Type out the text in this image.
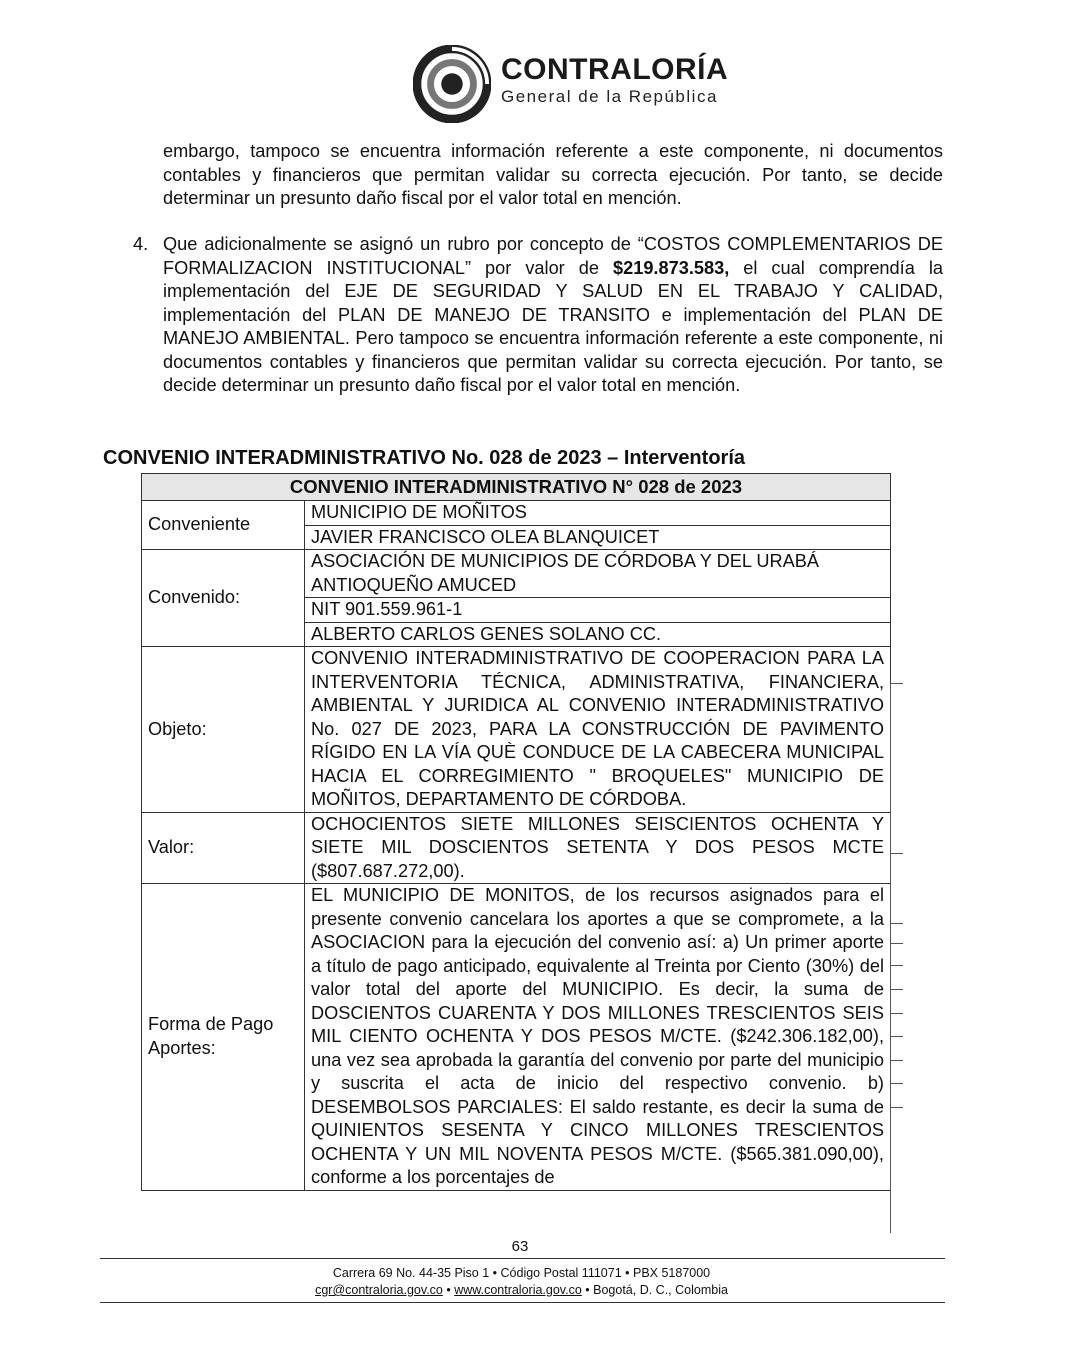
CONTRALORÍA
General de la República
embargo, tampoco se encuentra información referente a este componente, ni documentos contables y financieros que permitan validar su correcta ejecución. Por tanto, se decide determinar un presunto daño fiscal por el valor total en mención.
4. Que adicionalmente se asignó un rubro por concepto de “COSTOS COMPLEMENTARIOS DE FORMALIZACION INSTITUCIONAL” por valor de $219.873.583, el cual comprendía la implementación del EJE DE SEGURIDAD Y SALUD EN EL TRABAJO Y CALIDAD, implementación del PLAN DE MANEJO DE TRANSITO e implementación del PLAN DE MANEJO AMBIENTAL. Pero tampoco se encuentra información referente a este componente, ni documentos contables y financieros que permitan validar su correcta ejecución. Por tanto, se decide determinar un presunto daño fiscal por el valor total en mención.
CONVENIO INTERADMINISTRATIVO No. 028 de 2023 – Interventoría
CONVENIO INTERADMINISTRATIVO N° 028 de 2023	
Conveniente	MUNICIPIO DE MOÑITOS
	JAVIER FRANCISCO OLEA BLANQUICET
Convenido:	ASOCIACIÓN DE MUNICIPIOS DE CÓRDOBA Y DEL URABÁ ANTIOQUEÑO AMUCED
	NIT 901.559.961-1
	ALBERTO CARLOS GENES SOLANO CC.
Objeto:	CONVENIO INTERADMINISTRATIVO DE COOPERACION PARA LA INTERVENTORIA TÉCNICA, ADMINISTRATIVA, FINANCIERA, AMBIENTAL Y JURIDICA AL CONVENIO INTERADMINISTRATIVO No. 027 DE 2023, PARA LA CONSTRUCCIÓN DE PAVIMENTO RÍGIDO EN LA VÍA QUÈ CONDUCE DE LA CABECERA MUNICIPAL HACIA EL CORREGIMIENTO " BROQUELES" MUNICIPIO DE MOÑITOS, DEPARTAMENTO DE CÓRDOBA.
Valor:	OCHOCIENTOS SIETE MILLONES SEISCIENTOS OCHENTA Y SIETE MIL DOSCIENTOS SETENTA Y DOS PESOS MCTE ($807.687.272,00).
Forma de Pago Aportes:	EL MUNICIPIO DE MONITOS, de los recursos asignados para el presente convenio cancelara los aportes a que se compromete, a la ASOCIACION para la ejecución del convenio así: a) Un primer aporte a título de pago anticipado, equivalente al Treinta por Ciento (30%) del valor total del aporte del MUNICIPIO. Es decir, la suma de DOSCIENTOS CUARENTA Y DOS MILLONES TRESCIENTOS SEIS MIL CIENTO OCHENTA Y DOS PESOS M/CTE. ($242.306.182,00), una vez sea aprobada la garantía del convenio por parte del municipio y suscrita el acta de inicio del respectivo convenio. b) DESEMBOLSOS PARCIALES: El saldo restante, es decir la suma de QUINIENTOS SESENTA Y CINCO MILLONES TRESCIENTOS OCHENTA Y UN MIL NOVENTA PESOS M/CTE. ($565.381.090,00), conforme a los porcentajes de
63
Carrera 69 No. 44-35 Piso 1 • Código Postal 111071 • PBX 5187000
cgr@contraloria.gov.co • www.contraloria.gov.co • Bogotá, D. C., Colombia
